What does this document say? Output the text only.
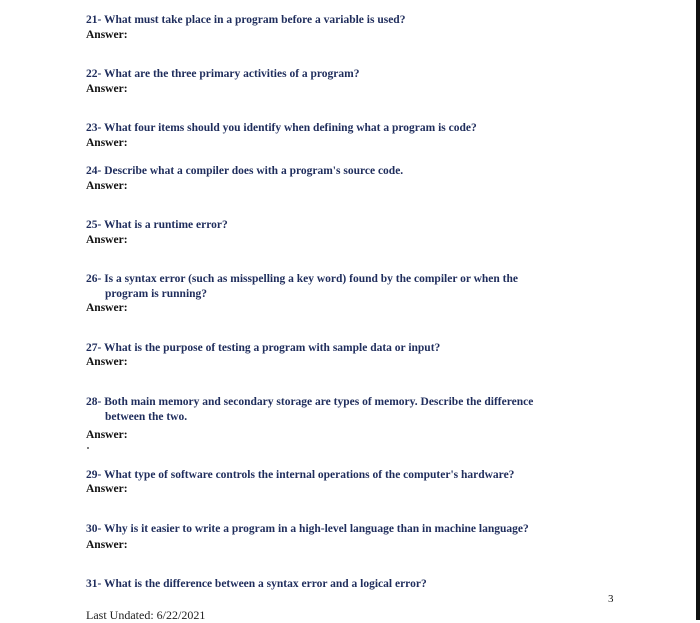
21- What must take place in a program before a variable is used?
Answer:
22- What are the three primary activities of a program?
Answer:
23- What four items should you identify when defining what a program is code?
Answer:
24- Describe what a compiler does with a program's source code.
Answer:
25- What is a runtime error?
Answer:
26- Is a syntax error (such as misspelling a key word) found by the compiler or when the
program is running?
Answer:
27- What is the purpose of testing a program with sample data or input?
Answer:
28- Both main memory and secondary storage are types of memory. Describe the difference
between the two.
Answer:
29- What type of software controls the internal operations of the computer's hardware?
Answer:
30- Why is it easier to write a program in a high-level language than in machine language?
Answer:
31- What is the difference between a syntax error and a logical error?
3
Last Undated: 6/22/2021
